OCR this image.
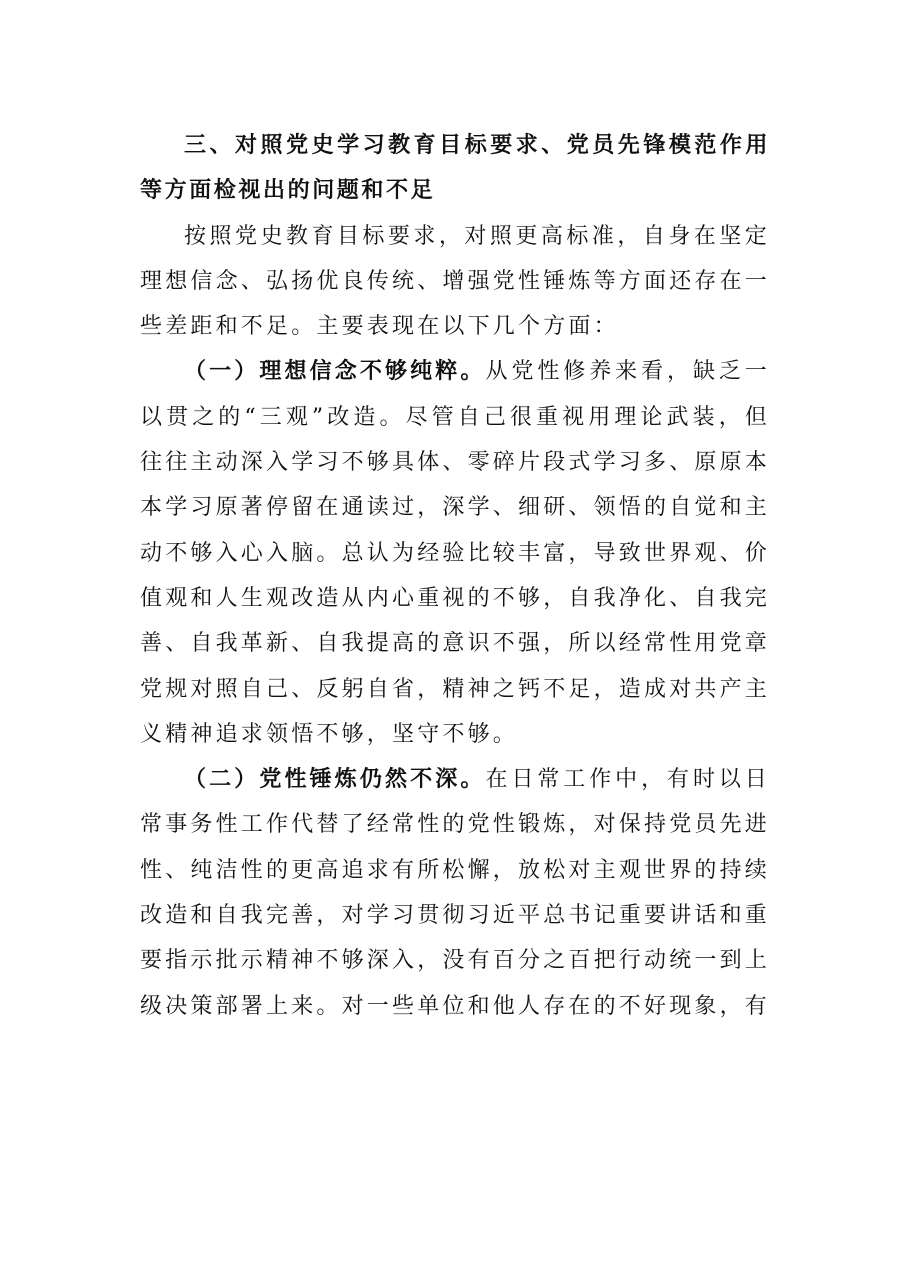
三、对照党史学习教育目标要求、党员先锋模范作用等方面检视出的问题和不足

按照党史教育目标要求，对照更高标准，自身在坚定理想信念、弘扬优良传统、增强党性锤炼等方面还存在一些差距和不足。主要表现在以下几个方面：

（一）理想信念不够纯粹。从党性修养来看，缺乏一以贯之的“三观”改造。尽管自己很重视用理论武装，但往往主动深入学习不够具体、零碎片段式学习多、原原本本学习原著停留在通读过，深学、细研、领悟的自觉和主动不够入心入脑。总认为经验比较丰富，导致世界观、价值观和人生观改造从内心重视的不够，自我净化、自我完善、自我革新、自我提高的意识不强，所以经常性用党章党规对照自己、反躬自省，精神之钙不足，造成对共产主义精神追求领悟不够，坚守不够。

（二）党性锤炼仍然不深。在日常工作中，有时以日常事务性工作代替了经常性的党性锻炼，对保持党员先进性、纯洁性的更高追求有所松懈，放松对主观世界的持续改造和自我完善，对学习贯彻习近平总书记重要讲话和重要指示批示精神不够深入，没有百分之百把行动统一到上级决策部署上来。对一些单位和他人存在的不好现象，有
